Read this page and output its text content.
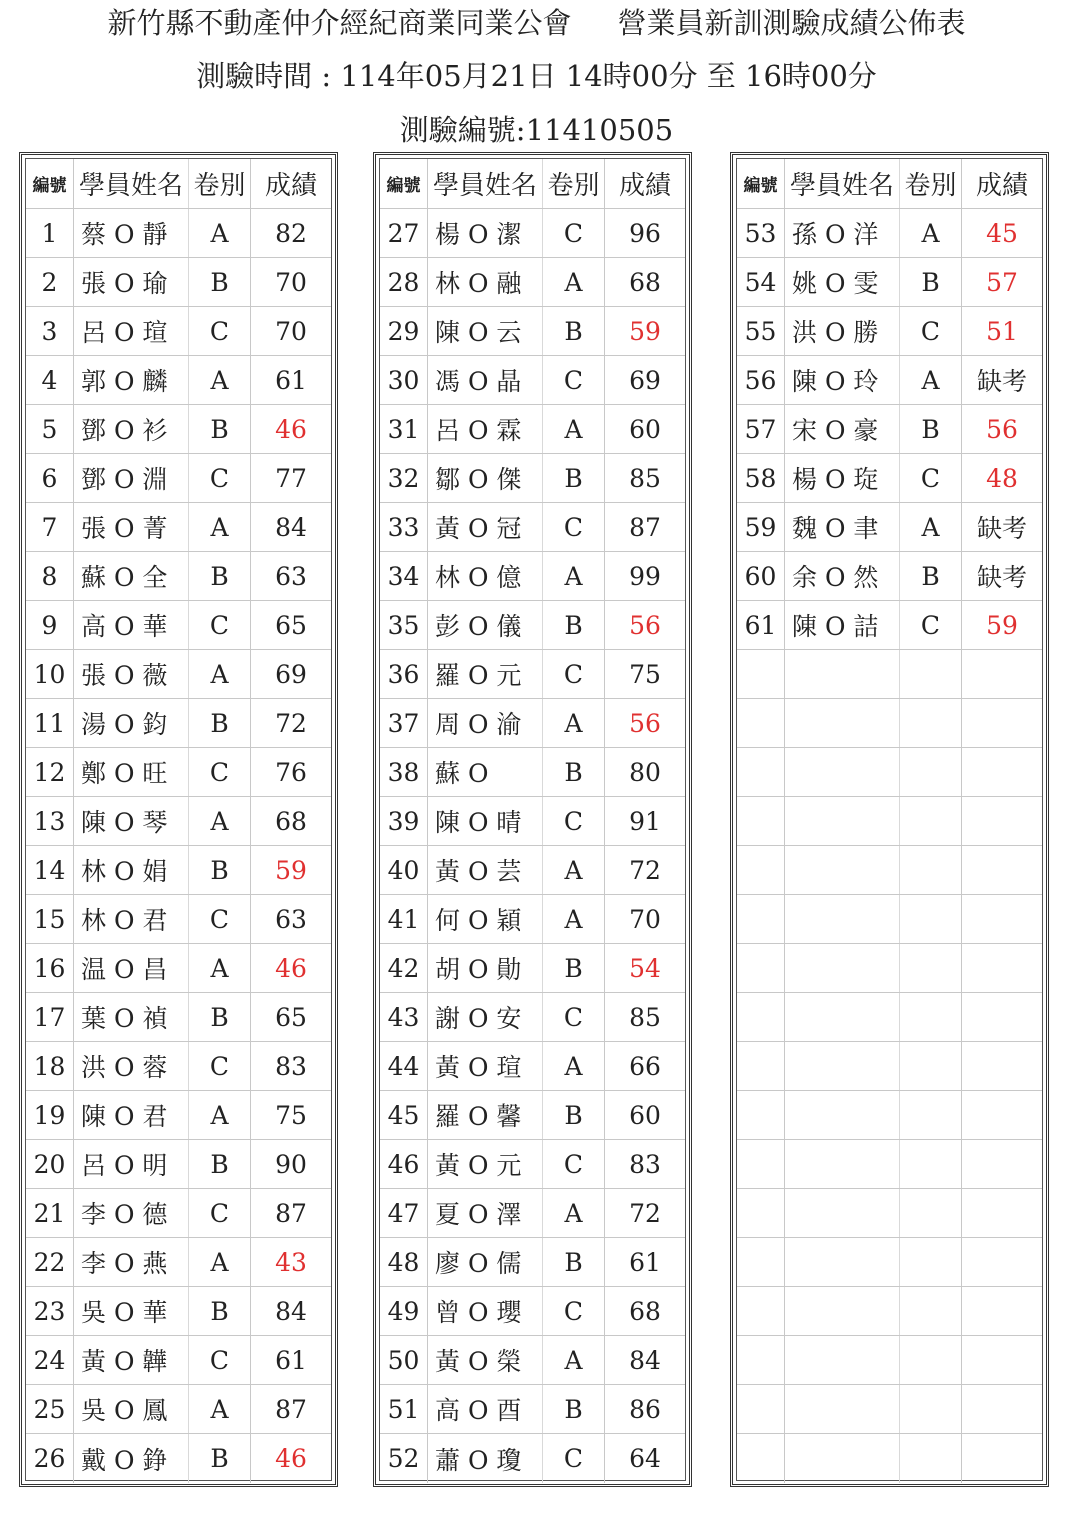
新竹縣不動產仲介經紀商業同業公會 營業員新訓測驗成績公佈表
測驗時間 : 114年05月21日 14時00分 至 16時00分
測驗編號:11410505
編號 學員姓名 卷別 成績
1 蔡 O 靜	A	82
2 張 O 瑜	B	70
3 呂 O 瑄	C	70
4 郭 O 麟	A	61
5 鄧 O 衫	B	46
6 鄧 O 淵	C	77
7 張 O 菁	A	84
8 蘇 O 全	B	63
9 高 O 華	C	65
10 張 O 薇	A	69
11 湯 O 鈞	B	72
12 鄭 O 旺	C	76
13 陳 O 琴	A	68
14 林 O 娟	B	59
15 林 O 君	C	63
16 温 O 昌	A	46
17 葉 O 禎	B	65
18 洪 O 蓉	C	83
19 陳 O 君	A	75
20 呂 O 明	B	90
21 李 O 德	C	87
22 李 O 燕	A	43
23 吳 O 華	B	84
24 黃 O 韡	C	61
25 吳 O 鳳	A	87
26 戴 O 錚	B	46
編號 學員姓名 卷別 成績
27 楊 O 潔	C	96
28 林 O 融	A	68
29 陳 O 云	B	59
30 馮 O 晶	C	69
31 呂 O 霖	A	60
32 鄒 O 傑	B	85
33 黃 O 冠	C	87
34 林 O 億	A	99
35 彭 O 儀	B	56
36 羅 O 元	C	75
37 周 O 渝	A	56
38 蘇 O	B	80
39 陳 O 晴	C	91
40 黃 O 芸	A	72
41 何 O 穎	A	70
42 胡 O 勛	B	54
43 謝 O 安	C	85
44 黃 O 瑄	A	66
45 羅 O 馨	B	60
46 黃 O 元	C	83
47 夏 O 澤	A	72
48 廖 O 儒	B	61
49 曾 O 瓔	C	68
50 黃 O 榮	A	84
51 高 O 酉	B	86
52 蕭 O 瓊	C	64
編號 學員姓名 卷別 成績
53 孫 O 洋	A	45
54 姚 O 雯	B	57
55 洪 O 勝	C	51
56 陳 O 玲	A	缺考
57 宋 O 豪	B	56
58 楊 O 琁	C	48
59 魏 O 聿	A	缺考
60 余 O 然	B	缺考
61 陳 O 詰	C	59
